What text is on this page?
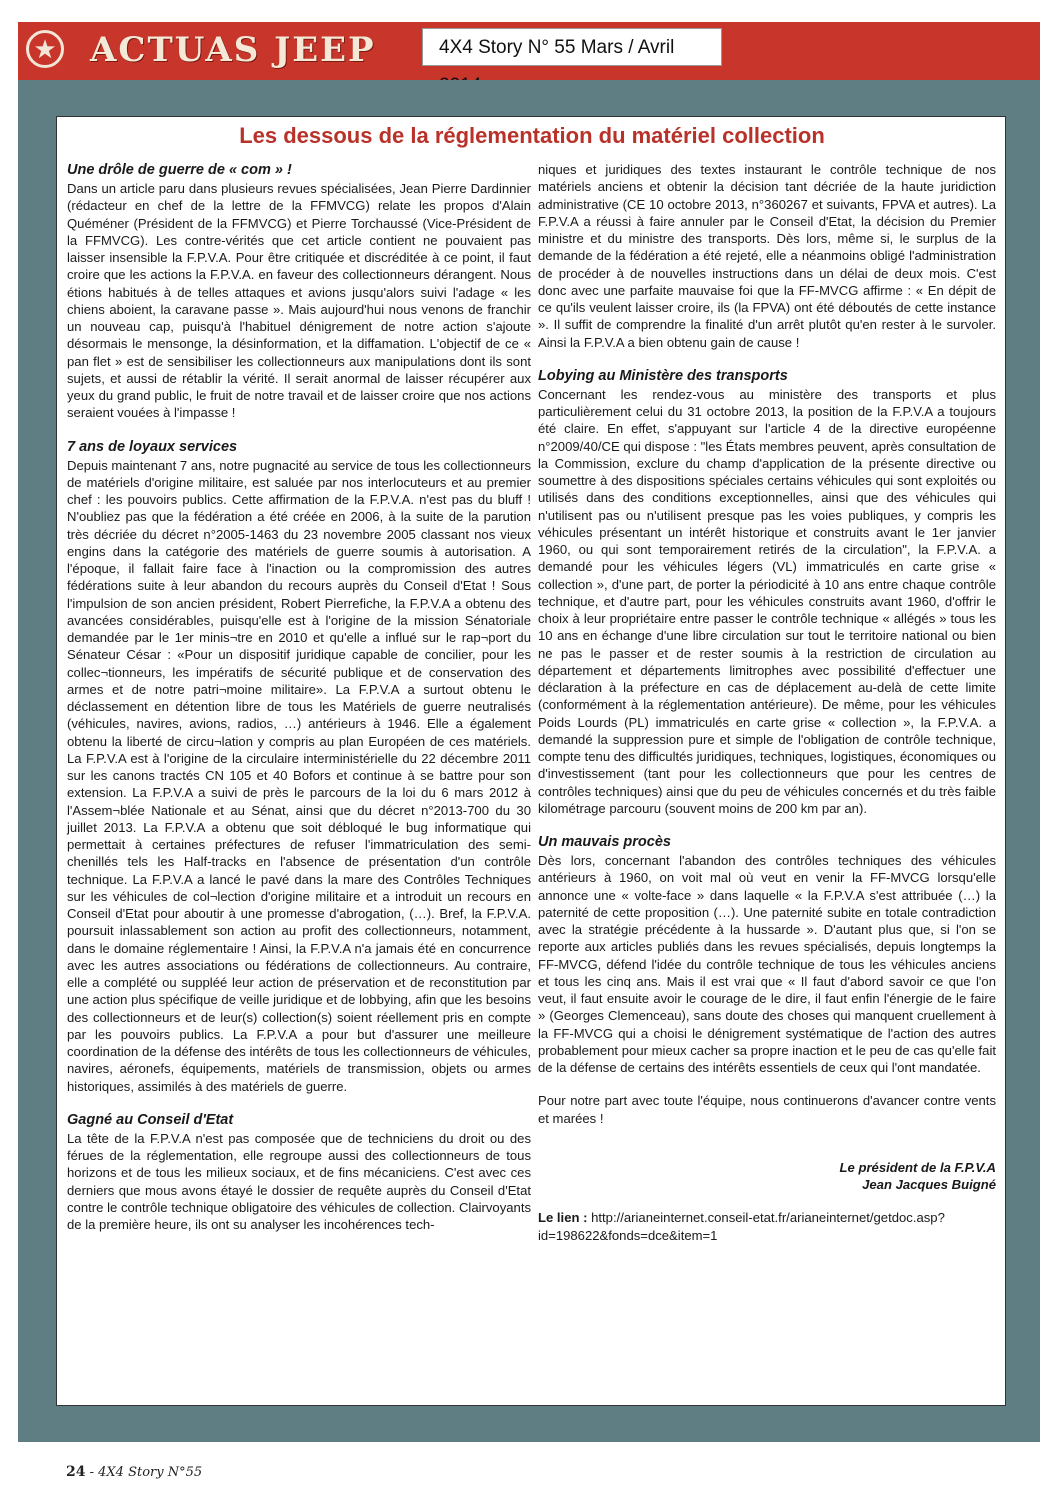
★ ACTUAS JEEP	4X4 Story N° 55 Mars / Avril
Les dessous de la réglementation du matériel collection
Une drôle de guerre de « com » !

Dans un article paru dans plusieurs revues spécialisées, Jean Pierre Dardinnier (rédacteur en chef de la lettre de la FFMVCG) relate les propos d'Alain Quéméner (Président de la FFMVCG) et Pierre Torchaussé (Vice-Président de la FFMVCG). Les contre-vérités que cet article contient ne pouvaient pas laisser insensible la F.P.V.A. Pour être critiquée et discréditée à ce point, il faut croire que les actions la F.P.V.A. en faveur des collectionneurs dérangent. Nous étions habitués à de telles attaques et avions jusqu'alors suivi l'adage « les chiens aboient, la caravane passe ». Mais aujourd'hui nous venons de franchir un nouveau cap, puisqu'à l'habituel dénigrement de notre action s'ajoute désormais le mensonge, la désinformation, et la diffamation. L'objectif de ce « pan flet » est de sensibiliser les collectionneurs aux manipulations dont ils sont sujets, et aussi de rétablir la vérité. Il serait anormal de laisser récupérer aux yeux du grand public, le fruit de notre travail et de laisser croire que nos actions seraient vouées à l'impasse !

7 ans de loyaux services

Depuis maintenant 7 ans, notre pugnacité au service de tous les collectionneurs de matériels d'origine militaire, est saluée par nos interlocuteurs et au premier chef : les pouvoirs publics. Cette affirmation de la F.P.V.A. n'est pas du bluff ! N'oubliez pas que la fédération a été créée en 2006, à la suite de la parution très décriée du décret n°2005-1463 du 23 novembre 2005 classant nos vieux engins dans la catégorie des matériels de guerre soumis à autorisation. A l'époque, il fallait faire face à l'inaction ou la compromission des autres fédérations suite à leur abandon du recours auprès du Conseil d'Etat ! Sous l'impulsion de son ancien président, Robert Pierrefiche, la F.P.V.A a obtenu des avancées considérables, puisqu'elle est à l'origine de la mission Sénatoriale demandée par le 1er minis¬tre en 2010 et qu'elle a influé sur le rap¬port du Sénateur César : «Pour un dispositif juridique capable de concilier, pour les collec¬tionneurs, les impératifs de sécurité publique et de conservation des armes et de notre patri¬moine militaire». La F.P.V.A a surtout obtenu le déclassement en détention libre de tous les Matériels de guerre neutralisés (véhicules, navires, avions, radios, …) antérieurs à 1946. Elle a également obtenu la liberté de circu¬lation y compris au plan Européen de ces matériels. La F.P.V.A est à l'origine de la circulaire interministérielle du 22 décembre 2011 sur les canons tractés CN 105 et 40 Bofors et continue à se battre pour son extension. La F.P.V.A a suivi de près le parcours de la loi du 6 mars 2012 à l'Assem¬blée Nationale et au Sénat, ainsi que du décret n°2013-700 du 30 juillet 2013. La F.P.V.A a obtenu que soit débloqué le bug informatique qui permettait à certaines préfectures de refuser l'immatriculation des semi-chenillés tels les Half-tracks en l'absence de présentation d'un contrôle technique. La F.P.V.A a lancé le pavé dans la mare des Contrôles Techniques sur les véhicules de col¬lection d'origine militaire et a introduit un recours en Conseil d'Etat pour aboutir à une promesse d'abrogation, (…). Bref, la F.P.V.A. poursuit inlassablement son action au profit des collectionneurs, notamment, dans le domaine réglementaire ! Ainsi, la F.P.V.A n'a jamais été en concurrence avec les autres associations ou fédérations de collectionneurs. Au contraire, elle a complété ou suppléé leur action de préservation et de reconstitution par une action plus spécifique de veille juridique et de lobbying, afin que les besoins des collectionneurs et de leur(s) collection(s) soient réellement pris en compte par les pouvoirs publics. La F.P.V.A a pour but d'assurer une meilleure coordination de la défense des intérêts de tous les collectionneurs de véhicules, navires, aéronefs, équipements, matériels de transmission, objets ou armes historiques, assimilés à des matériels de guerre.

Gagné au Conseil d'Etat

La tête de la F.P.V.A n'est pas composée que de techniciens du droit ou des férues de la réglementation, elle regroupe aussi des collectionneurs de tous horizons et de tous les milieux sociaux, et de fins mécaniciens. C'est avec ces derniers que mous avons étayé le dossier de requête auprès du Conseil d'Etat contre le contrôle technique obligatoire des véhicules de collection. Clairvoyants de la première heure, ils ont su analyser les incohérences tech-

niques et juridiques des textes instaurant le contrôle technique de nos matériels anciens et obtenir la décision tant décriée de la haute juridiction administrative (CE 10 octobre 2013, n°360267 et suivants, FPVA et autres). La F.P.V.A a réussi à faire annuler par le Conseil d'Etat, la décision du Premier ministre et du ministre des transports. Dès lors, même si, le surplus de la demande de la fédération a été rejeté, elle a néanmoins obligé l'administration de procéder à de nouvelles instructions dans un délai de deux mois. C'est donc avec une parfaite mauvaise foi que la FF-MVCG affirme : « En dépit de ce qu'ils veulent laisser croire, ils (la FPVA) ont été déboutés de cette instance ». Il suffit de comprendre la finalité d'un arrêt plutôt qu'en rester à le survoler. Ainsi la F.P.V.A a bien obtenu gain de cause !

Lobying au Ministère des transports

Concernant les rendez-vous au ministère des transports et plus particulièrement celui du 31 octobre 2013, la position de la F.P.V.A a toujours été claire. En effet, s'appuyant sur l'article 4 de la directive européenne n°2009/40/CE qui dispose : "les États membres peuvent, après consultation de la Commission, exclure du champ d'application de la présente directive ou soumettre à des dispositions spéciales certains véhicules qui sont exploités ou utilisés dans des conditions exceptionnelles, ainsi que des véhicules qui n'utilisent pas ou n'utilisent presque pas les voies publiques, y compris les véhicules présentant un intérêt historique et construits avant le 1er janvier 1960, ou qui sont temporairement retirés de la circulation", la F.P.V.A. a demandé pour les véhicules légers (VL) immatriculés en carte grise « collection », d'une part, de porter la périodicité à 10 ans entre chaque contrôle technique, et d'autre part, pour les véhicules construits avant 1960, d'offrir le choix à leur propriétaire entre passer le contrôle technique « allégés » tous les 10 ans en échange d'une libre circulation sur tout le territoire national ou bien ne pas le passer et de rester soumis à la restriction de circulation au département et départements limitrophes avec possibilité d'effectuer une déclaration à la préfecture en cas de déplacement au-delà de cette limite (conformément à la réglementation antérieure). De même, pour les véhicules Poids Lourds (PL) immatriculés en carte grise « collection », la F.P.V.A. a demandé la suppression pure et simple de l'obligation de contrôle technique, compte tenu des difficultés juridiques, techniques, logistiques, économiques ou d'investissement (tant pour les collectionneurs que pour les centres de contrôles techniques) ainsi que du peu de véhicules concernés et du très faible kilométrage parcouru (souvent moins de 200 km par an).

Un mauvais procès

Dès lors, concernant l'abandon des contrôles techniques des véhicules antérieurs à 1960, on voit mal où veut en venir la FF-MVCG lorsqu'elle annonce une « volte-face » dans laquelle « la F.P.V.A s'est attribuée (…) la paternité de cette proposition (…). Une paternité subite en totale contradiction avec la stratégie précédente à la hussarde ». D'autant plus que, si l'on se reporte aux articles publiés dans les revues spécialisés, depuis longtemps la FF-MVCG, défend l'idée du contrôle technique de tous les véhicules anciens et tous les cinq ans. Mais il est vrai que « Il faut d'abord savoir ce que l'on veut, il faut ensuite avoir le courage de le dire, il faut enfin l'énergie de le faire » (Georges Clemenceau), sans doute des choses qui manquent cruellement à la FF-MVCG qui a choisi le dénigrement systématique de l'action des autres probablement pour mieux cacher sa propre inaction et le peu de cas qu'elle fait de la défense de certains des intérêts essentiels de ceux qui l'ont mandatée.

Pour notre part avec toute l'équipe, nous continuerons d'avancer contre vents et marées !

Le président de la F.P.V.A

Jean Jacques Buigné

Le lien : http://arianeinternet.conseil-etat.fr/arianeinternet/getdoc.asp?id=198622&fonds=dce&item=1

24 - 4X4 Story N°55
